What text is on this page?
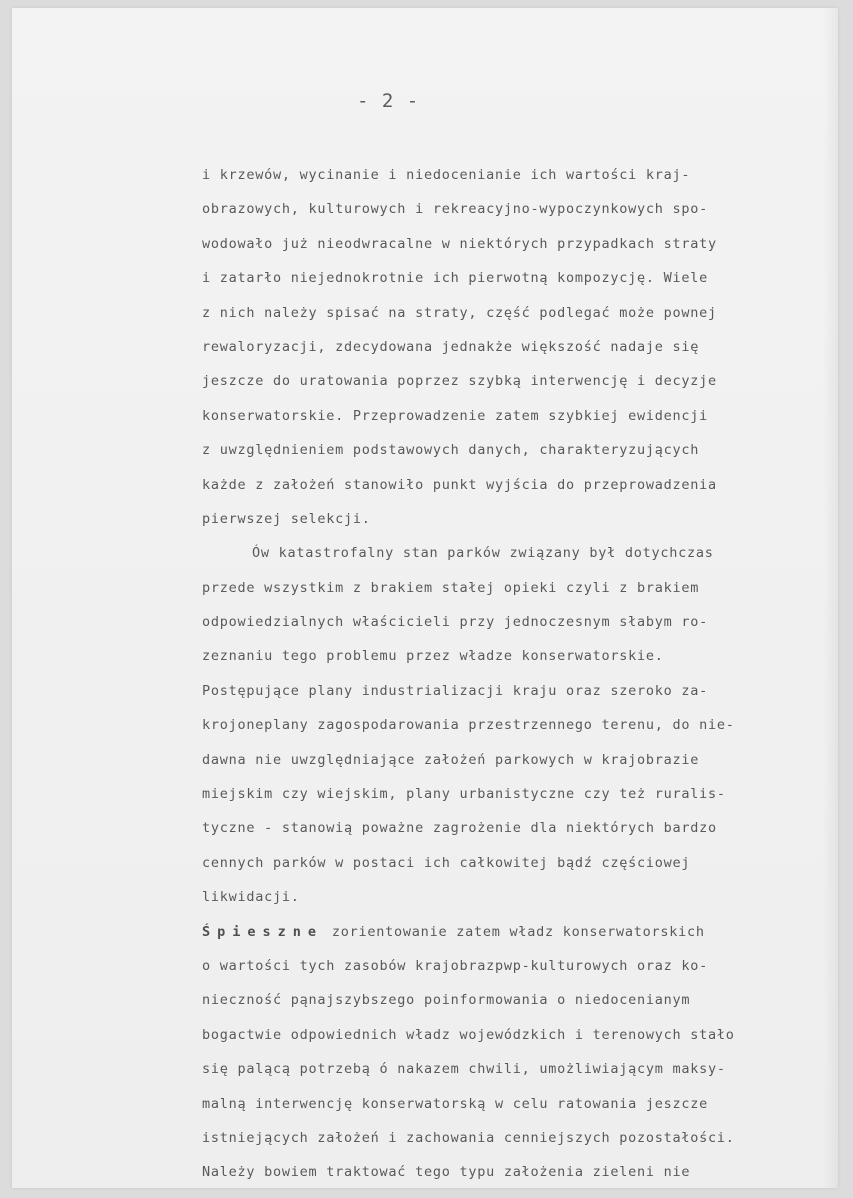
- 2 -
i krzewów, wycinanie i niedocenianie ich wartości kraj-
obrazowych, kulturowych i rekreacyjno-wypoczynkowych spo-
wodowało już nieodwracalne w niektórych przypadkach straty
i zatarło niejednokrotnie ich pierwotną kompozycję. Wiele
z nich należy spisać na straty, część podlegać może pownej
rewaloryzacji, zdecydowana jednakże większość nadaje się
jeszcze do uratowania poprzez szybką interwencję i decyzje
konserwatorskie. Przeprowadzenie zatem szybkiej ewidencji
z uwzględnieniem podstawowych danych, charakteryzujących
każde z założeń stanowiło punkt wyjścia do przeprowadzenia
pierwszej selekcji.
Ów katastrofalny stan parków związany był dotychczas
przede wszystkim z brakiem stałej opieki czyli z brakiem
odpowiedzialnych właścicieli przy jednoczesnym słabym ro-
zeznaniu tego problemu przez władze konserwatorskie.
Postępujące plany industrializacji kraju oraz szeroko za-
krojoneplany zagospodarowania przestrzennego terenu, do nie-
dawna nie uwzględniające założeń parkowych w krajobrazie
miejskim czy wiejskim, plany urbanistyczne czy też ruralis-
tyczne - stanowią poważne zagrożenie dla niektórych bardzo
cennych parków w postaci ich całkowitej bądź częściowej
likwidacji.
Śpieszne zorientowanie zatem władz konserwatorskich
o wartości tych zasobów krajobrazpwp-kulturowych oraz ko-
nieczność pąnajszybszego poinformowania o niedocenianym
bogactwie odpowiednich władz wojewódzkich i terenowych stało
się palącą potrzebą ó nakazem chwili, umożliwiającym maksy-
malną interwencję konserwatorską w celu ratowania jeszcze
istniejących założeń i zachowania cenniejszych pozostałości.
Należy bowiem traktować tego typu założenia zieleni nie
